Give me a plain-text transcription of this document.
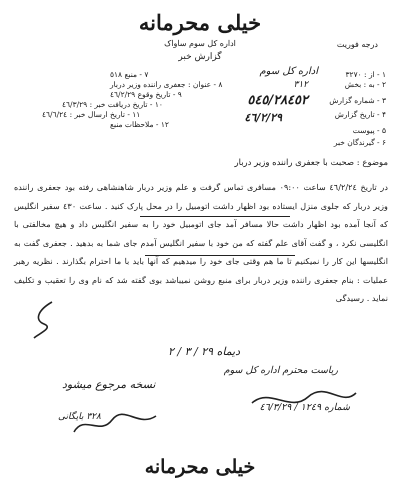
خیلی محرمانه
اداره کل سوم ساواک
گزارش خبر
درجه فوریت
۷ - منبع ٥١٨
۸ - عنوان : جعفری راننده وزیر دربار
۹ - تاریخ وقوع ٤٦/٢/٢٩
۱۰ - تاریخ دریافت خبر : ٤٦/٣/٢٩
۱۱ - تاریخ ارسال خبر : ٤٦/٦/٢٤
۱۲ - ملاحظات منبع
۱ - از : ٣٢٧٠
۲ - به : بخش
۳ - شماره گزارش
۴ - تاریخ گزارش
۵ - پیوست
۶ - گیرندگان خبر
اداره کل سوم
٣١٢
٥٤٥/٢٨٤٥٢
٤٦/٢/٢٩
موضوع : صحبت با جعفری راننده وزیر دربار
در تاریخ ٤٦/٢/٢٤ ساعت ٠٩:٠٠ مسافری تماس گرفت و علم وزیر دربار شاهنشاهی رفته بود جعفری راننده وزیر دربار که جلوی منزل ایستاده بود اظهار داشت اتومبیل را در محل پارک کنید . ساعت ٤٣٠ سفیر انگلیس که آنجا آمده بود اظهار داشت حالا مسافر آمد جای اتومبیل خود را به سفیر انگلیس داد و هیچ مخالفتی با انگلیسی نکرد ، و گفت آقای علم گفته که من خود با سفیر انگلیس آمدم جای شما به بدهید . جعفری گفت به انگلیسها این کار را نمیکنیم تا ما هم وقتی جای خود را میدهیم که آنها باید با ما احترام بگذارند . نظریه رهبر عملیات : بنام جعفری راننده وزیر دربار برای منبع روشن نمیباشد بوی گفته شد که نام وی را تعقیب و تکلیف نماید . رسیدگی
دیماه ٢٩ / ٣ / ٢
نسخه مرجوع میشود
٣٢٨ بایگانی
ریاست محترم اداره کل سوم
شماره ١٢٤٩ / ٤٦/٣/٢٩
خیلی محرمانه
